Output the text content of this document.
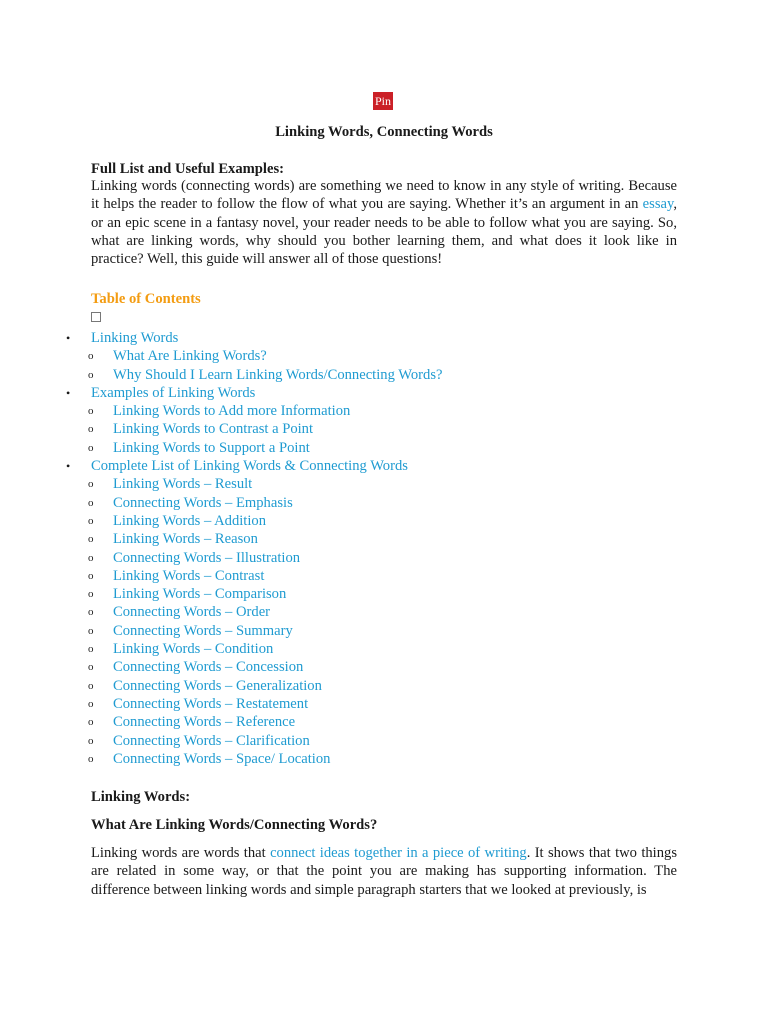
Pin
Linking Words, Connecting Words
Full List and Useful Examples:

Linking words (connecting words) are something we need to know in any style of writing. Because it helps the reader to follow the flow of what you are saying. Whether it’s an argument in an essay, or an epic scene in a fantasy novel, your reader needs to be able to follow what you are saying. So, what are linking words, why should you bother learning them, and what does it look like in practice? Well, this guide will answer all of those questions!

Table of Contents
• Linking Words
o What Are Linking Words?
o Why Should I Learn Linking Words/Connecting Words?
• Examples of Linking Words
o Linking Words to Add more Information
o Linking Words to Contrast a Point
o Linking Words to Support a Point
• Complete List of Linking Words & Connecting Words
o Linking Words – Result
o Connecting Words – Emphasis
o Linking Words – Addition
o Linking Words – Reason
o Connecting Words – Illustration
o Linking Words – Contrast
o Linking Words – Comparison
o Connecting Words – Order
o Connecting Words – Summary
o Linking Words – Condition
o Connecting Words – Concession
o Connecting Words – Generalization
o Connecting Words – Restatement
o Connecting Words – Reference
o Connecting Words – Clarification
o Connecting Words – Space/ Location
Linking Words:
What Are Linking Words/Connecting Words?

Linking words are words that connect ideas together in a piece of writing. It shows that two things are related in some way, or that the point you are making has supporting information. The difference between linking words and simple paragraph starters that we looked at previously, is
